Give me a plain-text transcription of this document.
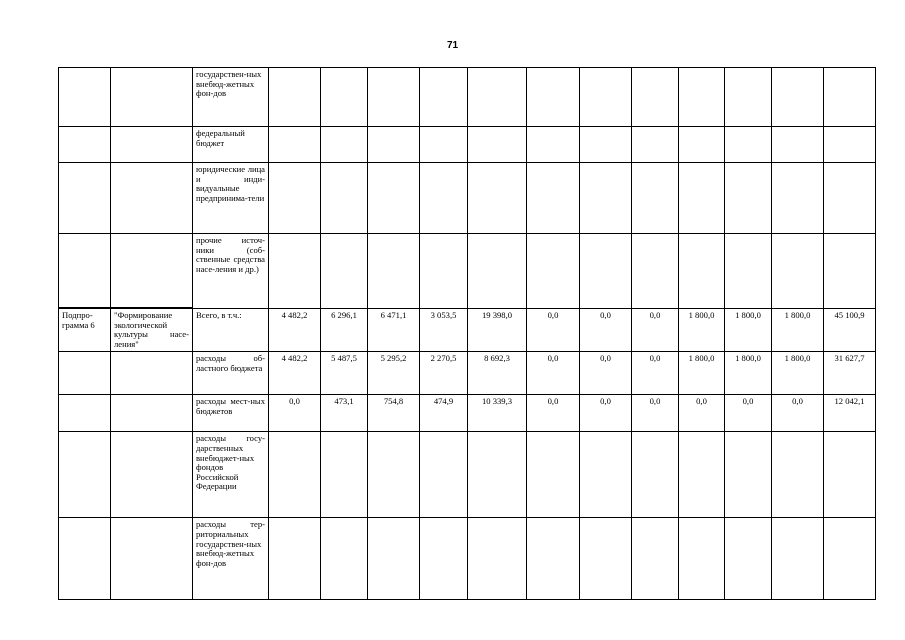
71
		государствен-ных внебюд-жетных фон-дов												
		федеральный бюджет												
		юридические лица и инди-видуальные предпринима-тели												
		прочие источ-ники (соб-ственные средства насе-ления и др.)												
Подпро-грамма 6	"Формирование экологической культуры насе-ления"	Всего, в т.ч.:	4 482,2	6 296,1	6 471,1	3 053,5	19 398,0	0,0	0,0	0,0	1 800,0	1 800,0	1 800,0	45 100,9
		расходы об-ластного бюджета	4 482,2	5 487,5	5 295,2	2 270,5	8 692,3	0,0	0,0	0,0	1 800,0	1 800,0	1 800,0	31 627,7
		расходы мест-ных бюджетов	0,0	473,1	754,8	474,9	10 339,3	0,0	0,0	0,0	0,0	0,0	0,0	12 042,1
		расходы госу-дарственных внебюджет-ных фондов Российской Федерации												
		расходы тер-риториальных государствен-ных внебюд-жетных фон-дов												
